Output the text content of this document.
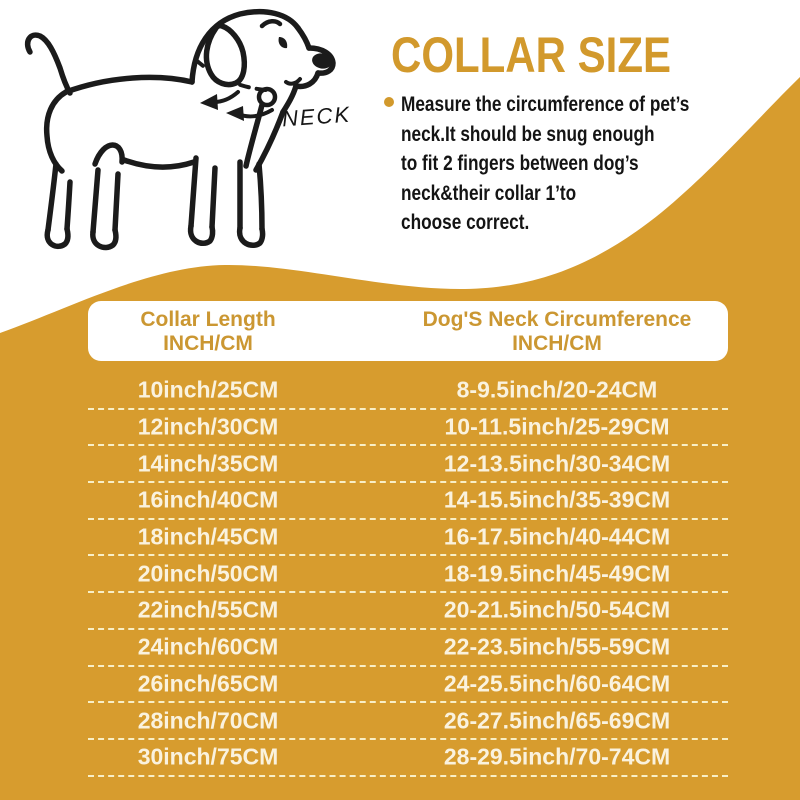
NECK
COLLAR SIZE
Measure the circumference of pet’s
neck.It should be snug enough
to fit 2 fingers between dog’s
neck&their collar 1’to
choose correct.
Collar Length
INCH/CM
Dog'S Neck Circumference
INCH/CM
10inch/25CM	8-9.5inch/20-24CM
12inch/30CM	10-11.5inch/25-29CM
14inch/35CM	12-13.5inch/30-34CM
16inch/40CM	14-15.5inch/35-39CM
18inch/45CM	16-17.5inch/40-44CM
20inch/50CM	18-19.5inch/45-49CM
22inch/55CM	20-21.5inch/50-54CM
24inch/60CM	22-23.5inch/55-59CM
26inch/65CM	24-25.5inch/60-64CM
28inch/70CM	26-27.5inch/65-69CM
30inch/75CM	28-29.5inch/70-74CM
